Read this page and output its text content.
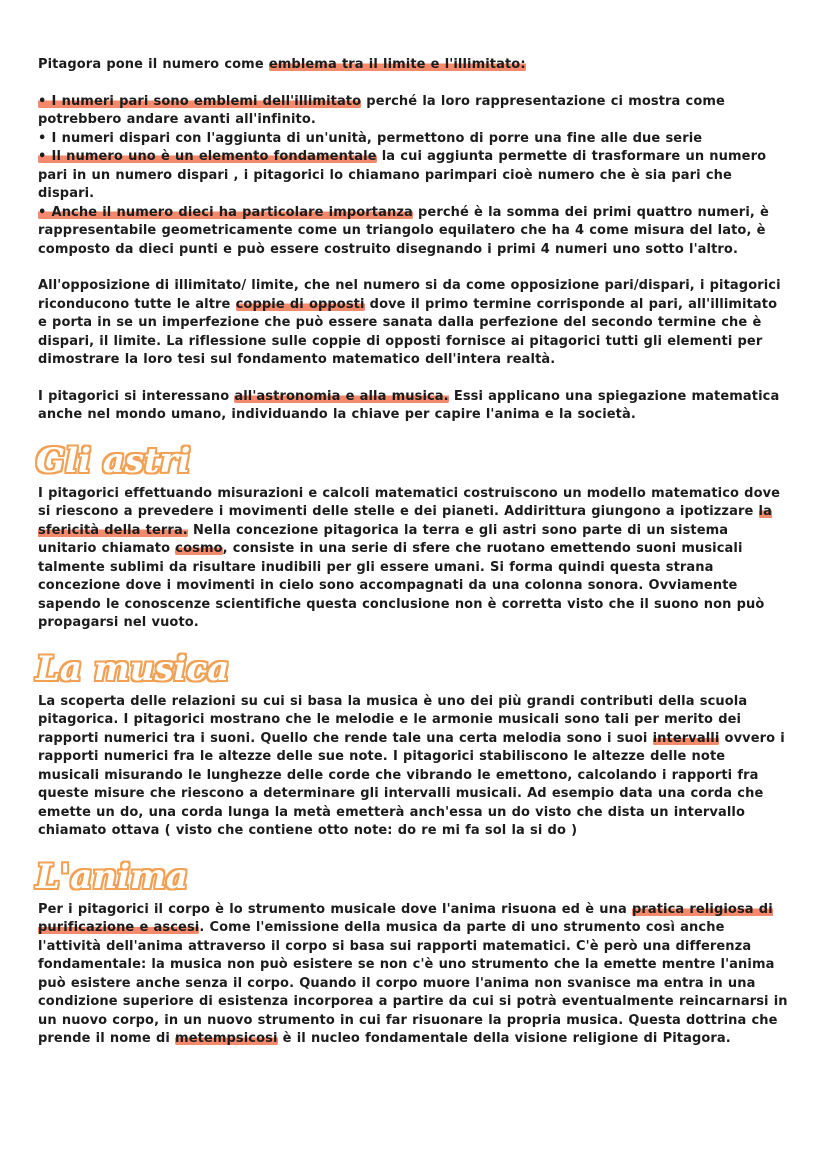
Pitagora pone il numero come emblema tra il limite e l'illimitato:

• I numeri pari sono emblemi dell'illimitato perché la loro rappresentazione ci mostra come potrebbero andare avanti all'infinito.

• I numeri dispari con l'aggiunta di un'unità, permettono di porre una fine alle due serie

• Il numero uno è un elemento fondamentale la cui aggiunta permette di trasformare un numero pari in un numero dispari , i pitagorici lo chiamano parimpari cioè numero che è sia pari che dispari.

• Anche il numero dieci ha particolare importanza perché è la somma dei primi quattro numeri, è rappresentabile geometricamente come un triangolo equilatero che ha 4 come misura del lato, è composto da dieci punti e può essere costruito disegnando i primi 4 numeri uno sotto l'altro.

All'opposizione di illimitato/ limite, che nel numero si da come opposizione pari/dispari, i pitagorici riconducono tutte le altre coppie di opposti dove il primo termine corrisponde al pari, all'illimitato e porta in se un imperfezione che può essere sanata dalla perfezione del secondo termine che è dispari, il limite. La riflessione sulle coppie di opposti fornisce ai pitagorici tutti gli elementi per dimostrare la loro tesi sul fondamento matematico dell'intera realtà.

I pitagorici si interessano all'astronomia e alla musica. Essi applicano una spiegazione matematica anche nel mondo umano, individuando la chiave per capire l'anima e la società.

Gli astri

I pitagorici effettuando misurazioni e calcoli matematici costruiscono un modello matematico dove si riescono a prevedere i movimenti delle stelle e dei pianeti. Addirittura giungono a ipotizzare la sfericità della terra. Nella concezione pitagorica la terra e gli astri sono parte di un sistema unitario chiamato cosmo, consiste in una serie di sfere che ruotano emettendo suoni musicali talmente sublimi da risultare inudibili per gli essere umani. Si forma quindi questa strana concezione dove i movimenti in cielo sono accompagnati da una colonna sonora. Ovviamente sapendo le conoscenze scientifiche questa conclusione non è corretta visto che il suono non può propagarsi nel vuoto.

La musica

La scoperta delle relazioni su cui si basa la musica è uno dei più grandi contributi della scuola pitagorica. I pitagorici mostrano che le melodie e le armonie musicali sono tali per merito dei rapporti numerici tra i suoni. Quello che rende tale una certa melodia sono i suoi intervalli ovvero i rapporti numerici fra le altezze delle sue note. I pitagorici stabiliscono le altezze delle note musicali misurando le lunghezze delle corde che vibrando le emettono, calcolando i rapporti fra queste misure che riescono a determinare gli intervalli musicali. Ad esempio data una corda che emette un do, una corda lunga la metà emetterà anch'essa un do visto che dista un intervallo chiamato ottava ( visto che contiene otto note: do re mi fa sol la si do )

L'anima

Per i pitagorici il corpo è lo strumento musicale dove l'anima risuona ed è una pratica religiosa di purificazione e ascesi. Come l'emissione della musica da parte di uno strumento così anche l'attività dell'anima attraverso il corpo si basa sui rapporti matematici. C'è però una differenza fondamentale: la musica non può esistere se non c'è uno strumento che la emette mentre l'anima può esistere anche senza il corpo. Quando il corpo muore l'anima non svanisce ma entra in una condizione superiore di esistenza incorporea a partire da cui si potrà eventualmente reincarnarsi in un nuovo corpo, in un nuovo strumento in cui far risuonare la propria musica. Questa dottrina che prende il nome di metempsicosi è il nucleo fondamentale della visione religione di Pitagora.
